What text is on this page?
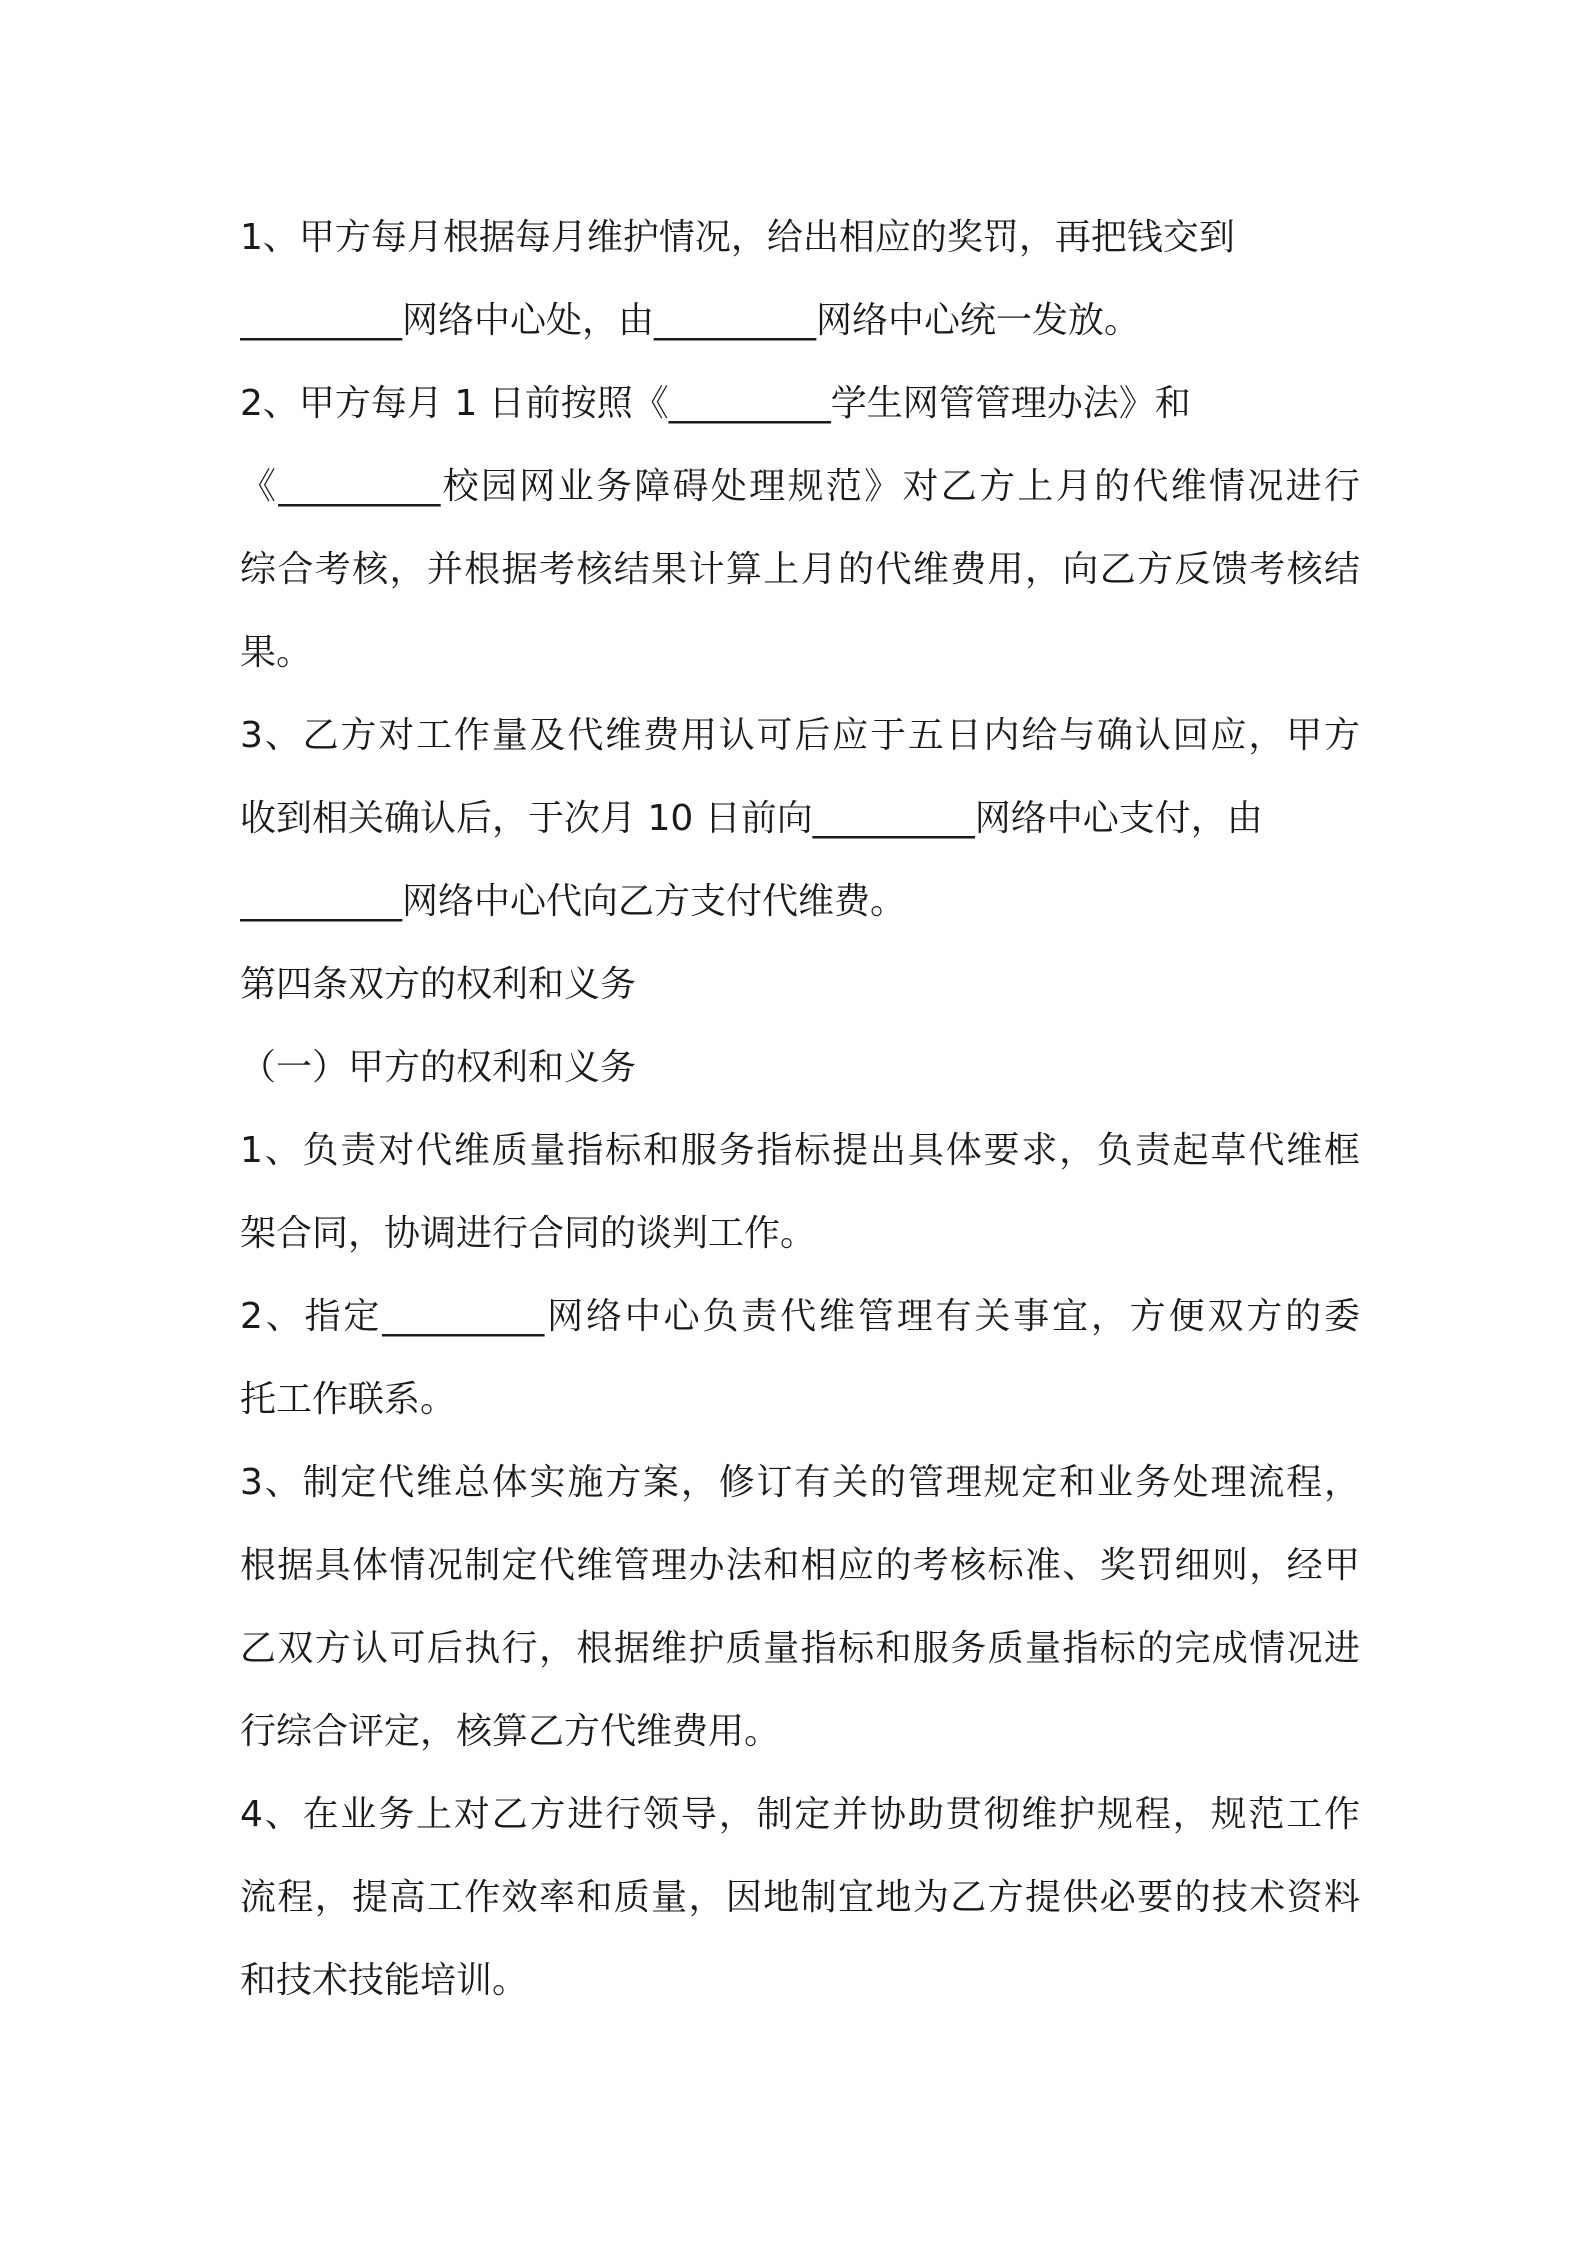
1、甲方每月根据每月维护情况，给出相应的奖罚，再把钱交到
_________网络中心处，由_________网络中心统一发放。
2、甲方每月 1 日前按照《_________学生网管管理办法》和
《_________校园网业务障碍处理规范》对乙方上月的代维情况进行
综合考核，并根据考核结果计算上月的代维费用，向乙方反馈考核结
果。
3、乙方对工作量及代维费用认可后应于五日内给与确认回应，甲方
收到相关确认后，于次月 10 日前向_________网络中心支付，由
_________网络中心代向乙方支付代维费。
第四条双方的权利和义务
（一）甲方的权利和义务
1、负责对代维质量指标和服务指标提出具体要求，负责起草代维框
架合同，协调进行合同的谈判工作。
2、指定_________网络中心负责代维管理有关事宜，方便双方的委
托工作联系。
3、制定代维总体实施方案，修订有关的管理规定和业务处理流程，
根据具体情况制定代维管理办法和相应的考核标准、奖罚细则，经甲
乙双方认可后执行，根据维护质量指标和服务质量指标的完成情况进
行综合评定，核算乙方代维费用。
4、在业务上对乙方进行领导，制定并协助贯彻维护规程，规范工作
流程，提高工作效率和质量，因地制宜地为乙方提供必要的技术资料
和技术技能培训。
